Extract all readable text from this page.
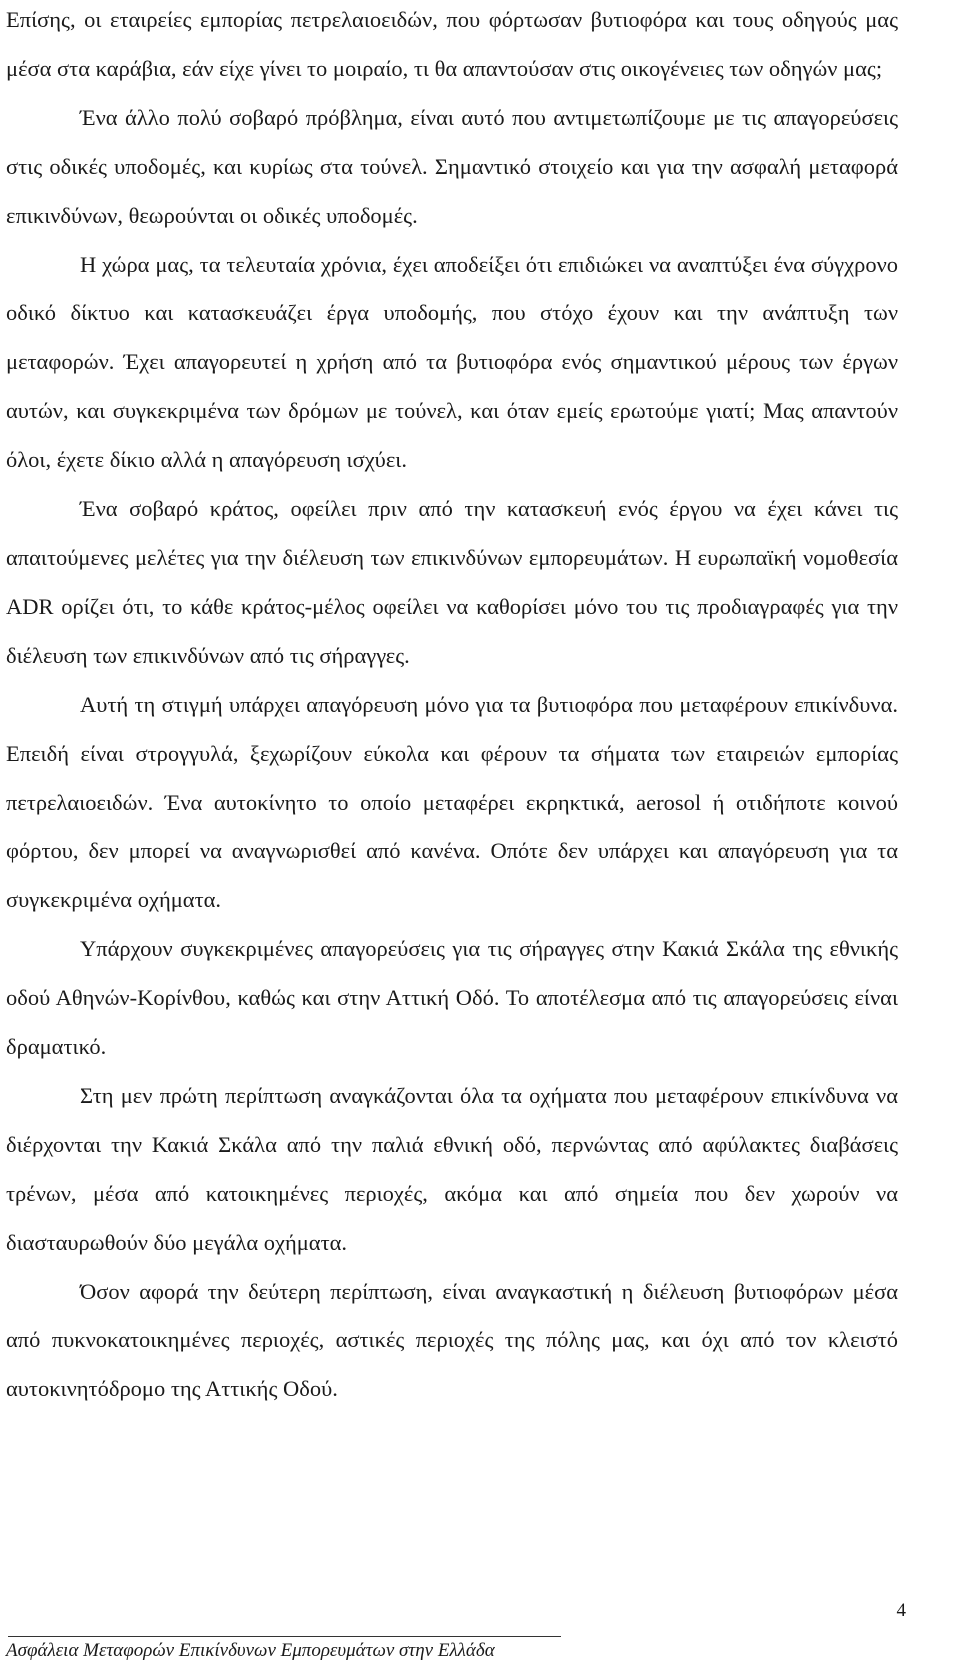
Επίσης, οι εταιρείες εμπορίας πετρελαιοειδών, που φόρτωσαν βυτιοφόρα και τους οδηγούς μας μέσα στα καράβια, εάν είχε γίνει το μοιραίο, τι θα απαντούσαν στις οικογένειες των οδηγών μας;

Ένα άλλο πολύ σοβαρό πρόβλημα, είναι αυτό που αντιμετωπίζουμε με τις απαγορεύσεις στις οδικές υποδομές, και κυρίως στα τούνελ. Σημαντικό στοιχείο και για την ασφαλή μεταφορά επικινδύνων, θεωρούνται οι οδικές υποδομές.

Η χώρα μας, τα τελευταία χρόνια, έχει αποδείξει ότι επιδιώκει να αναπτύξει ένα σύγχρονο οδικό δίκτυο και κατασκευάζει έργα υποδομής, που στόχο έχουν και την ανάπτυξη των μεταφορών. Έχει απαγορευτεί η χρήση από τα βυτιοφόρα ενός σημαντικού μέρους των έργων αυτών, και συγκεκριμένα των δρόμων με τούνελ, και όταν εμείς ερωτούμε γιατί; Μας απαντούν όλοι, έχετε δίκιο αλλά η απαγόρευση ισχύει.

Ένα σοβαρό κράτος, οφείλει πριν από την κατασκευή ενός έργου να έχει κάνει τις απαιτούμενες μελέτες για την διέλευση των επικινδύνων εμπορευμάτων. Η ευρωπαϊκή νομοθεσία ADR ορίζει ότι, το κάθε κράτος-μέλος οφείλει να καθορίσει μόνο του τις προδιαγραφές για την διέλευση των επικινδύνων από τις σήραγγες.

Αυτή τη στιγμή υπάρχει απαγόρευση μόνο για τα βυτιοφόρα που μεταφέρουν επικίνδυνα. Επειδή είναι στρογγυλά, ξεχωρίζουν εύκολα και φέρουν τα σήματα των εταιρειών εμπορίας πετρελαιοειδών. Ένα αυτοκίνητο το οποίο μεταφέρει εκρηκτικά, aerosol ή οτιδήποτε κοινού φόρτου, δεν μπορεί να αναγνωρισθεί από κανένα. Οπότε δεν υπάρχει και απαγόρευση για τα συγκεκριμένα οχήματα.

Υπάρχουν συγκεκριμένες απαγορεύσεις για τις σήραγγες στην Κακιά Σκάλα της εθνικής οδού Αθηνών-Κορίνθου, καθώς και στην Αττική Οδό. Το αποτέλεσμα από τις απαγορεύσεις είναι δραματικό.

Στη μεν πρώτη περίπτωση αναγκάζονται όλα τα οχήματα που μεταφέρουν επικίνδυνα να διέρχονται την Κακιά Σκάλα από την παλιά εθνική οδό, περνώντας από αφύλακτες διαβάσεις τρένων, μέσα από κατοικημένες περιοχές, ακόμα και από σημεία που δεν χωρούν να διασταυρωθούν δύο μεγάλα οχήματα.

Όσον αφορά την δεύτερη περίπτωση, είναι αναγκαστική η διέλευση βυτιοφόρων μέσα από πυκνοκατοικημένες περιοχές, αστικές περιοχές της πόλης μας, και όχι από τον κλειστό αυτοκινητόδρομο της Αττικής Οδού.

4
Ασφάλεια Μεταφορών Επικίνδυνων Εμπορευμάτων στην Ελλάδα
